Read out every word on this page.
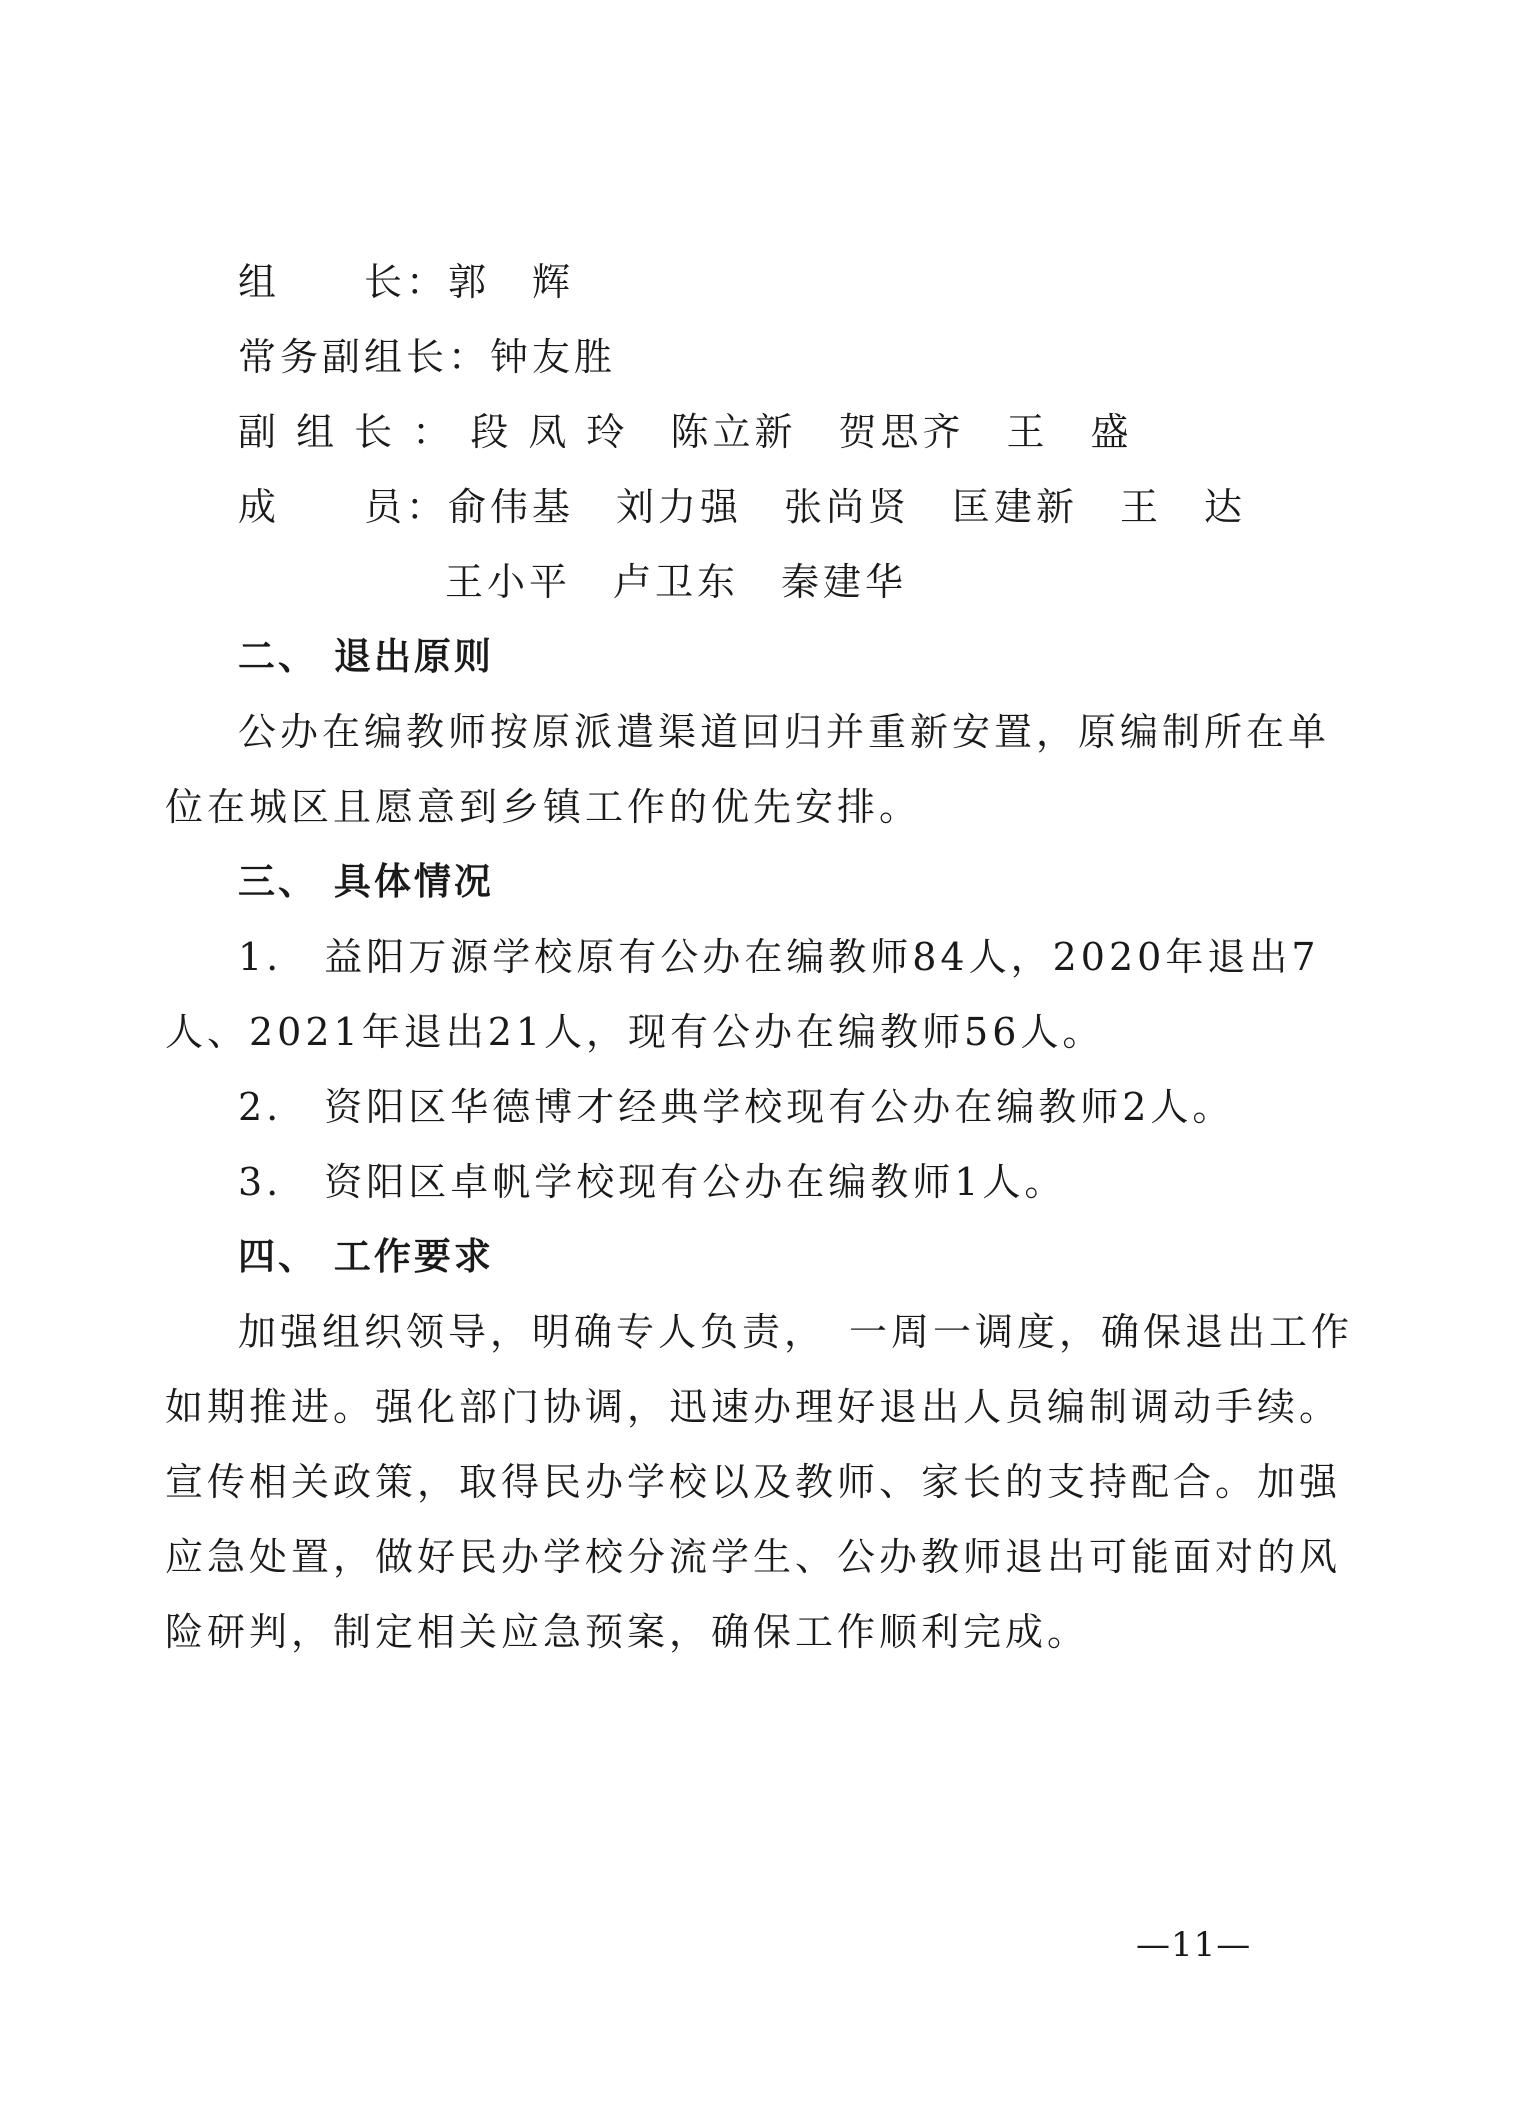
组　　长：郭　辉
常务副组长：钟友胜
副 组 长 ： 段 凤 玲　陈立新　贺思齐　王　盛
成　　员：俞伟基　刘力强　张尚贤　匡建新　王　达
王小平　卢卫东　秦建华
二、 退出原则
公办在编教师按原派遣渠道回归并重新安置，原编制所在单
位在城区且愿意到乡镇工作的优先安排。
三、 具体情况
1.　益阳万源学校原有公办在编教师84人，2020年退出7
人、2021年退出21人，现有公办在编教师56人。
2.　资阳区华德博才经典学校现有公办在编教师2人。
3.　资阳区卓帆学校现有公办在编教师1人。
四、 工作要求
加强组织领导，明确专人负责，　一周一调度，确保退出工作
如期推进。强化部门协调，迅速办理好退出人员编制调动手续。
宣传相关政策，取得民办学校以及教师、家长的支持配合。加强
应急处置，做好民办学校分流学生、公办教师退出可能面对的风
险研判，制定相关应急预案，确保工作顺利完成。
—11—
